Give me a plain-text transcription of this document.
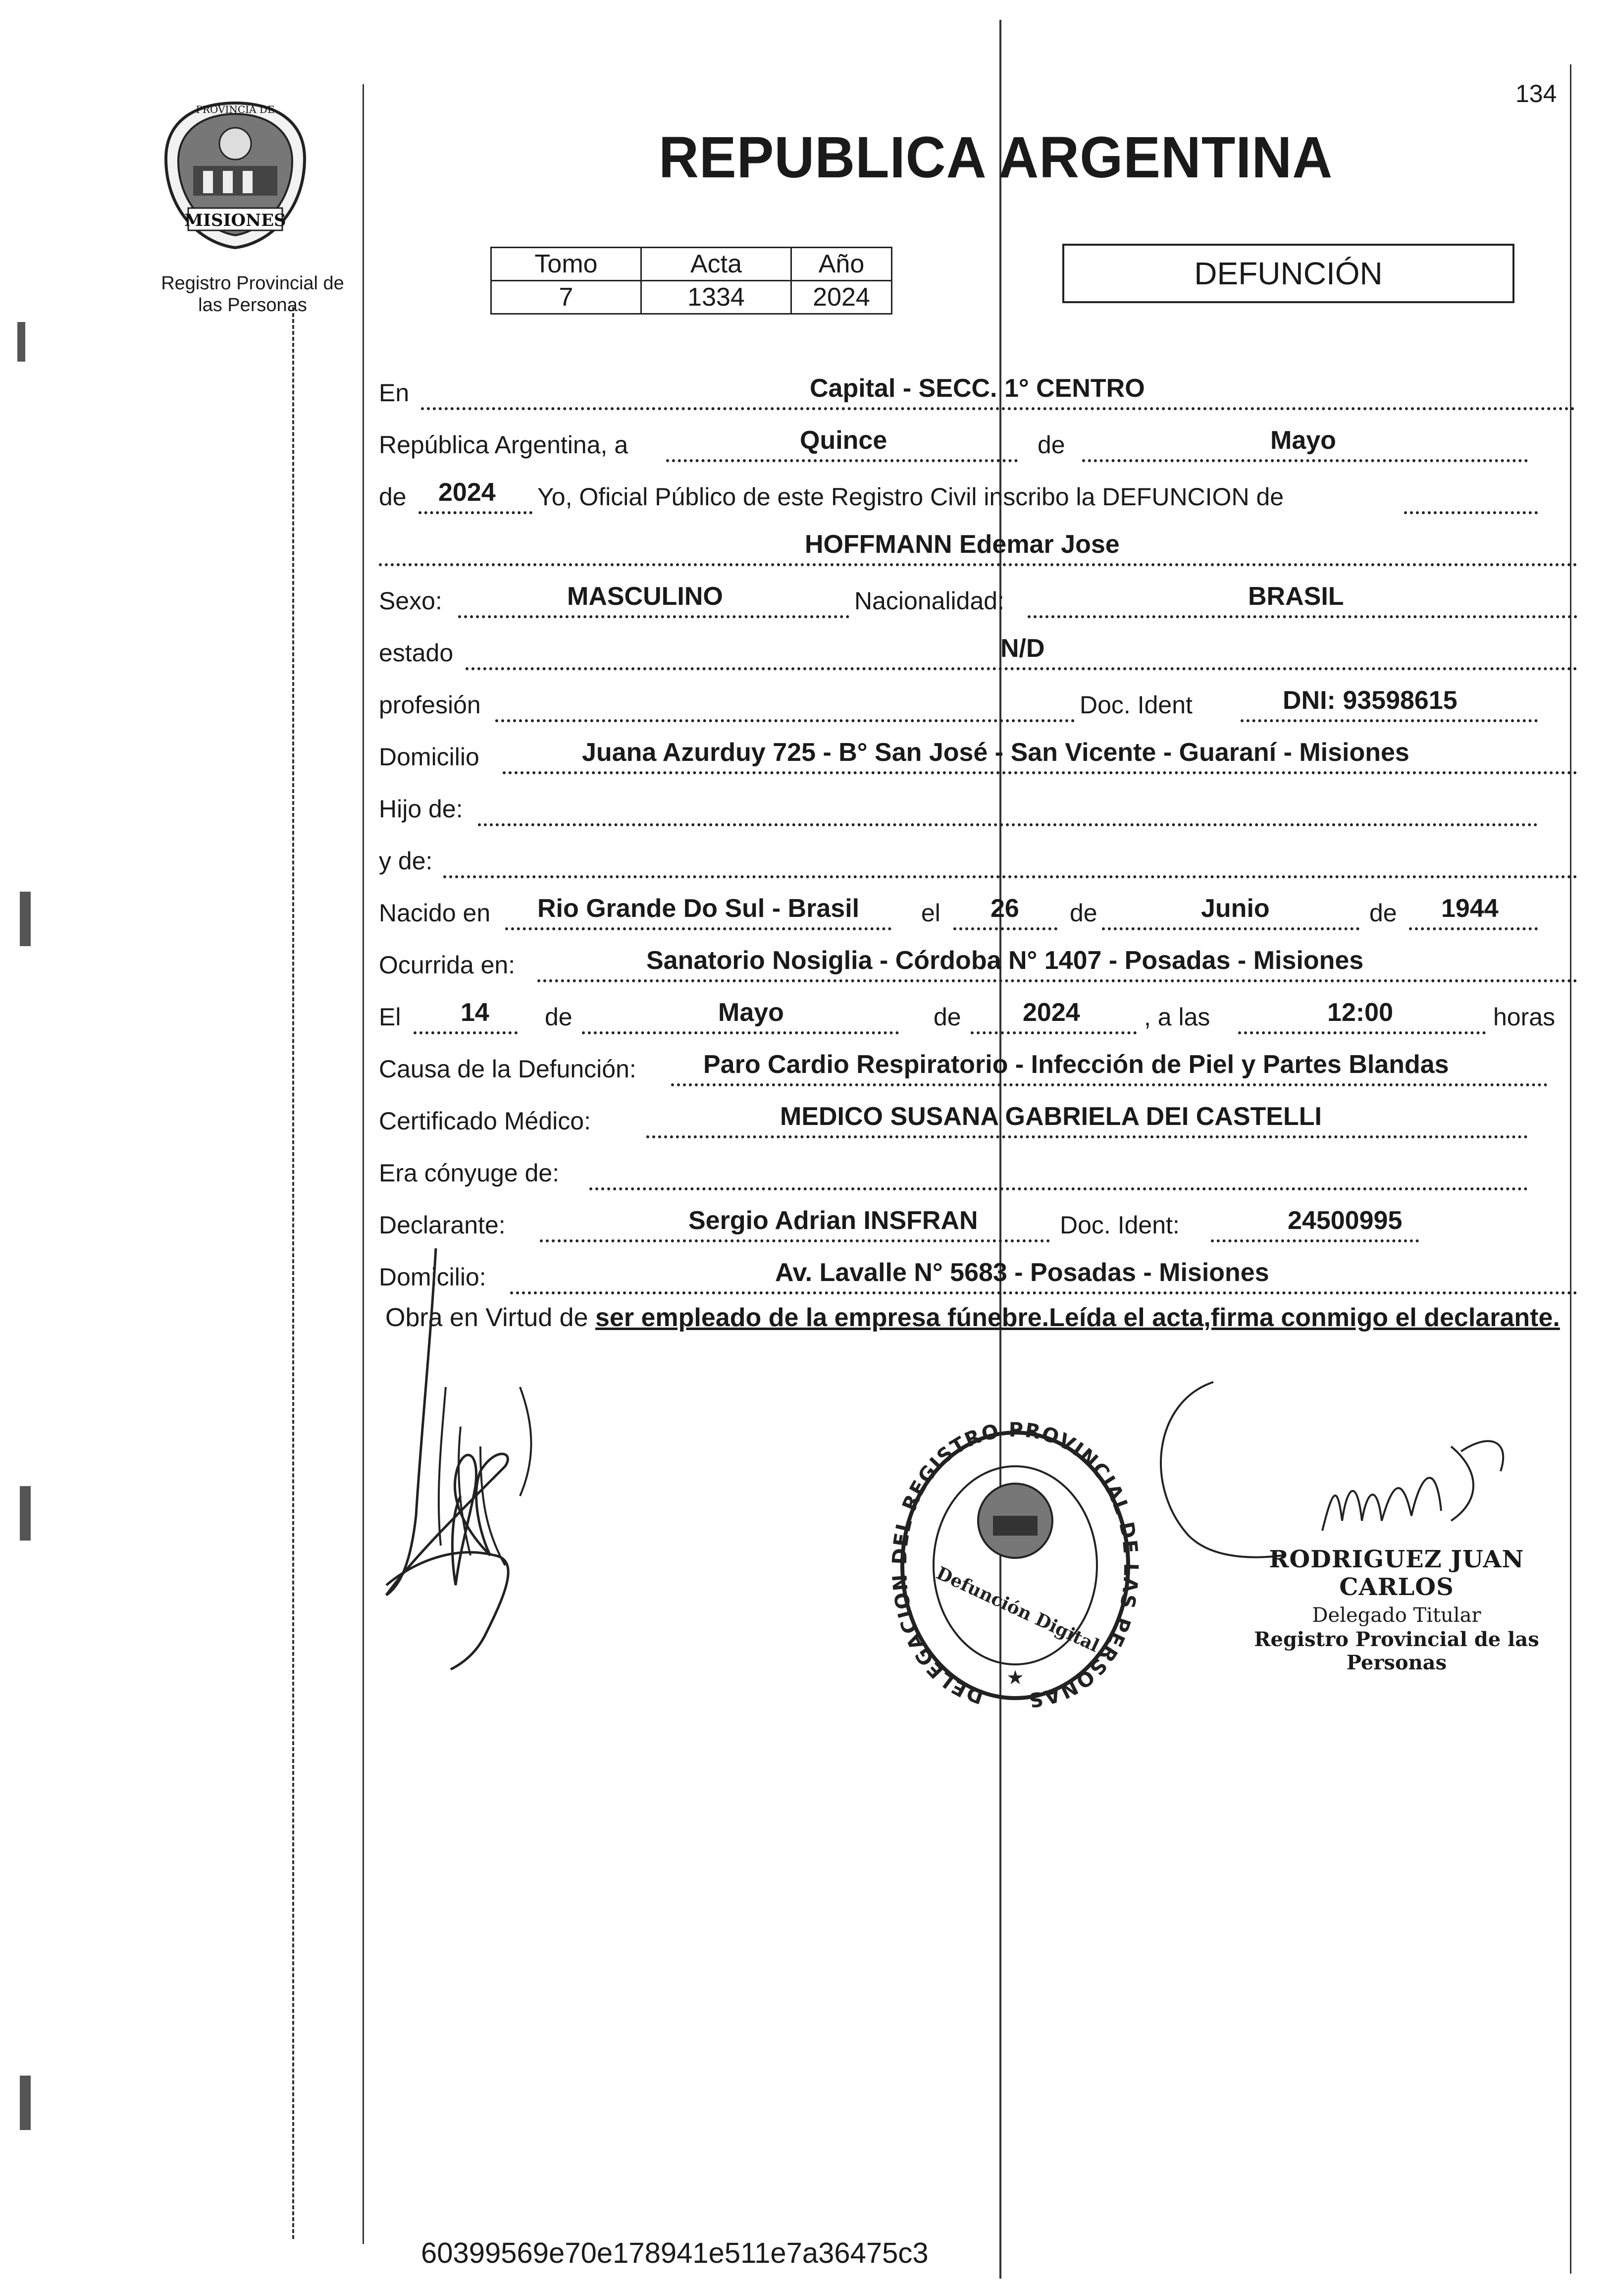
134
MISIONES
PROVINCIA DE
Registro Provincial de las Personas
REPUBLICA ARGENTINA
Tomo	Acta	Año
7	1334	2024
DEFUNCIÓN
En	Capital - SECC. 1° CENTRO
República Argentina, a	Quince	de	Mayo
de 2024 Yo, Oficial Público de este Registro Civil inscribo la DEFUNCION de
HOFFMANN Edemar Jose
Sexo:	MASCULINO	Nacionalidad:	BRASIL
estado	N/D
profesión	Doc. Ident	DNI: 93598615
Domicilio	Juana Azurduy 725 - B° San José - San Vicente - Guaraní - Misiones
Hijo de:
y de:
Nacido en Rio Grande Do Sul - Brasil el 26 de	Junio	de 1944
Ocurrida en:	Sanatorio Nosiglia - Córdoba N° 1407 - Posadas - Misiones
El 14 de	Mayo	de 2024	, a las	12:00	horas
Causa de la Defunción:	Paro Cardio Respiratorio - Infección de Piel y Partes Blandas
Certificado Médico:	MEDICO SUSANA GABRIELA DEI CASTELLI
Era cónyuge de:
Declarante:	Sergio Adrian INSFRAN	Doc. Ident:	24500995
Domicilio:	Av. Lavalle N° 5683 - Posadas - Misiones
Obra en Virtud de ser empleado de la empresa fúnebre.Leída el acta,firma conmigo el declarante.
DELEGACIO EL REGISTRO PROVINCIAL D S PERSONAS
Defunción Digital
★
RODRIGUEZ JUAN CARLOS
Delegado Titular
Registro Provincial de las Personas
60399569e70e178941e511e7a36475c3
